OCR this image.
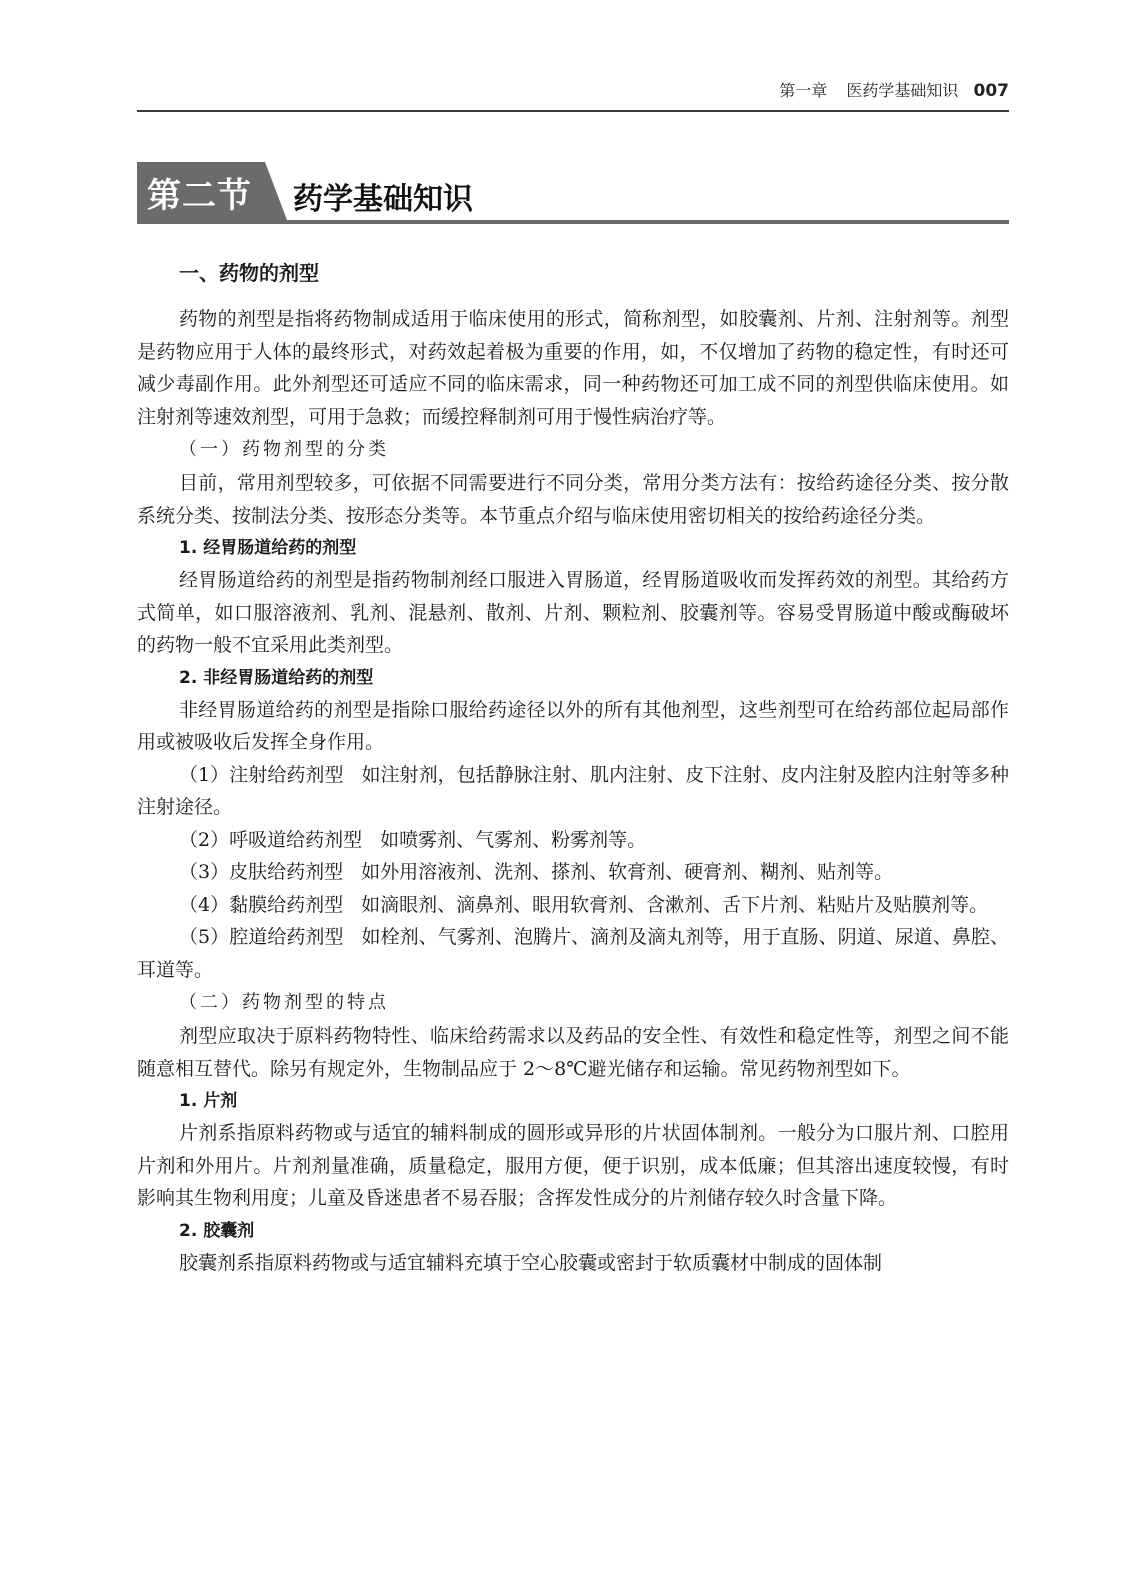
第一章 医药学基础知识 007
第二节 药学基础知识
一、药物的剂型

药物的剂型是指将药物制成适用于临床使用的形式，简称剂型，如胶囊剂、片剂、注射剂等。剂型是药物应用于人体的最终形式，对药效起着极为重要的作用，如，不仅增加了药物的稳定性，有时还可减少毒副作用。此外剂型还可适应不同的临床需求，同一种药物还可加工成不同的剂型供临床使用。如注射剂等速效剂型，可用于急救；而缓控释制剂可用于慢性病治疗等。

（一）药物剂型的分类

目前，常用剂型较多，可依据不同需要进行不同分类，常用分类方法有：按给药途径分类、按分散系统分类、按制法分类、按形态分类等。本节重点介绍与临床使用密切相关的按给药途径分类。

1. 经胃肠道给药的剂型

经胃肠道给药的剂型是指药物制剂经口服进入胃肠道，经胃肠道吸收而发挥药效的剂型。其给药方式简单，如口服溶液剂、乳剂、混悬剂、散剂、片剂、颗粒剂、胶囊剂等。容易受胃肠道中酸或酶破坏的药物一般不宜采用此类剂型。

2. 非经胃肠道给药的剂型

非经胃肠道给药的剂型是指除口服给药途径以外的所有其他剂型，这些剂型可在给药部位起局部作用或被吸收后发挥全身作用。

（1）注射给药剂型 如注射剂，包括静脉注射、肌内注射、皮下注射、皮内注射及腔内注射等多种注射途径。

（2）呼吸道给药剂型 如喷雾剂、气雾剂、粉雾剂等。

（3）皮肤给药剂型 如外用溶液剂、洗剂、搽剂、软膏剂、硬膏剂、糊剂、贴剂等。

（4）黏膜给药剂型 如滴眼剂、滴鼻剂、眼用软膏剂、含漱剂、舌下片剂、粘贴片及贴膜剂等。

（5）腔道给药剂型 如栓剂、气雾剂、泡腾片、滴剂及滴丸剂等，用于直肠、阴道、尿道、鼻腔、耳道等。

（二）药物剂型的特点

剂型应取决于原料药物特性、临床给药需求以及药品的安全性、有效性和稳定性等，剂型之间不能随意相互替代。除另有规定外，生物制品应于 2～8℃避光储存和运输。常见药物剂型如下。

1. 片剂

片剂系指原料药物或与适宜的辅料制成的圆形或异形的片状固体制剂。一般分为口服片剂、口腔用片剂和外用片。片剂剂量准确，质量稳定，服用方便，便于识别，成本低廉；但其溶出速度较慢，有时影响其生物利用度；儿童及昏迷患者不易吞服；含挥发性成分的片剂储存较久时含量下降。

2. 胶囊剂

胶囊剂系指原料药物或与适宜辅料充填于空心胶囊或密封于软质囊材中制成的固体制
